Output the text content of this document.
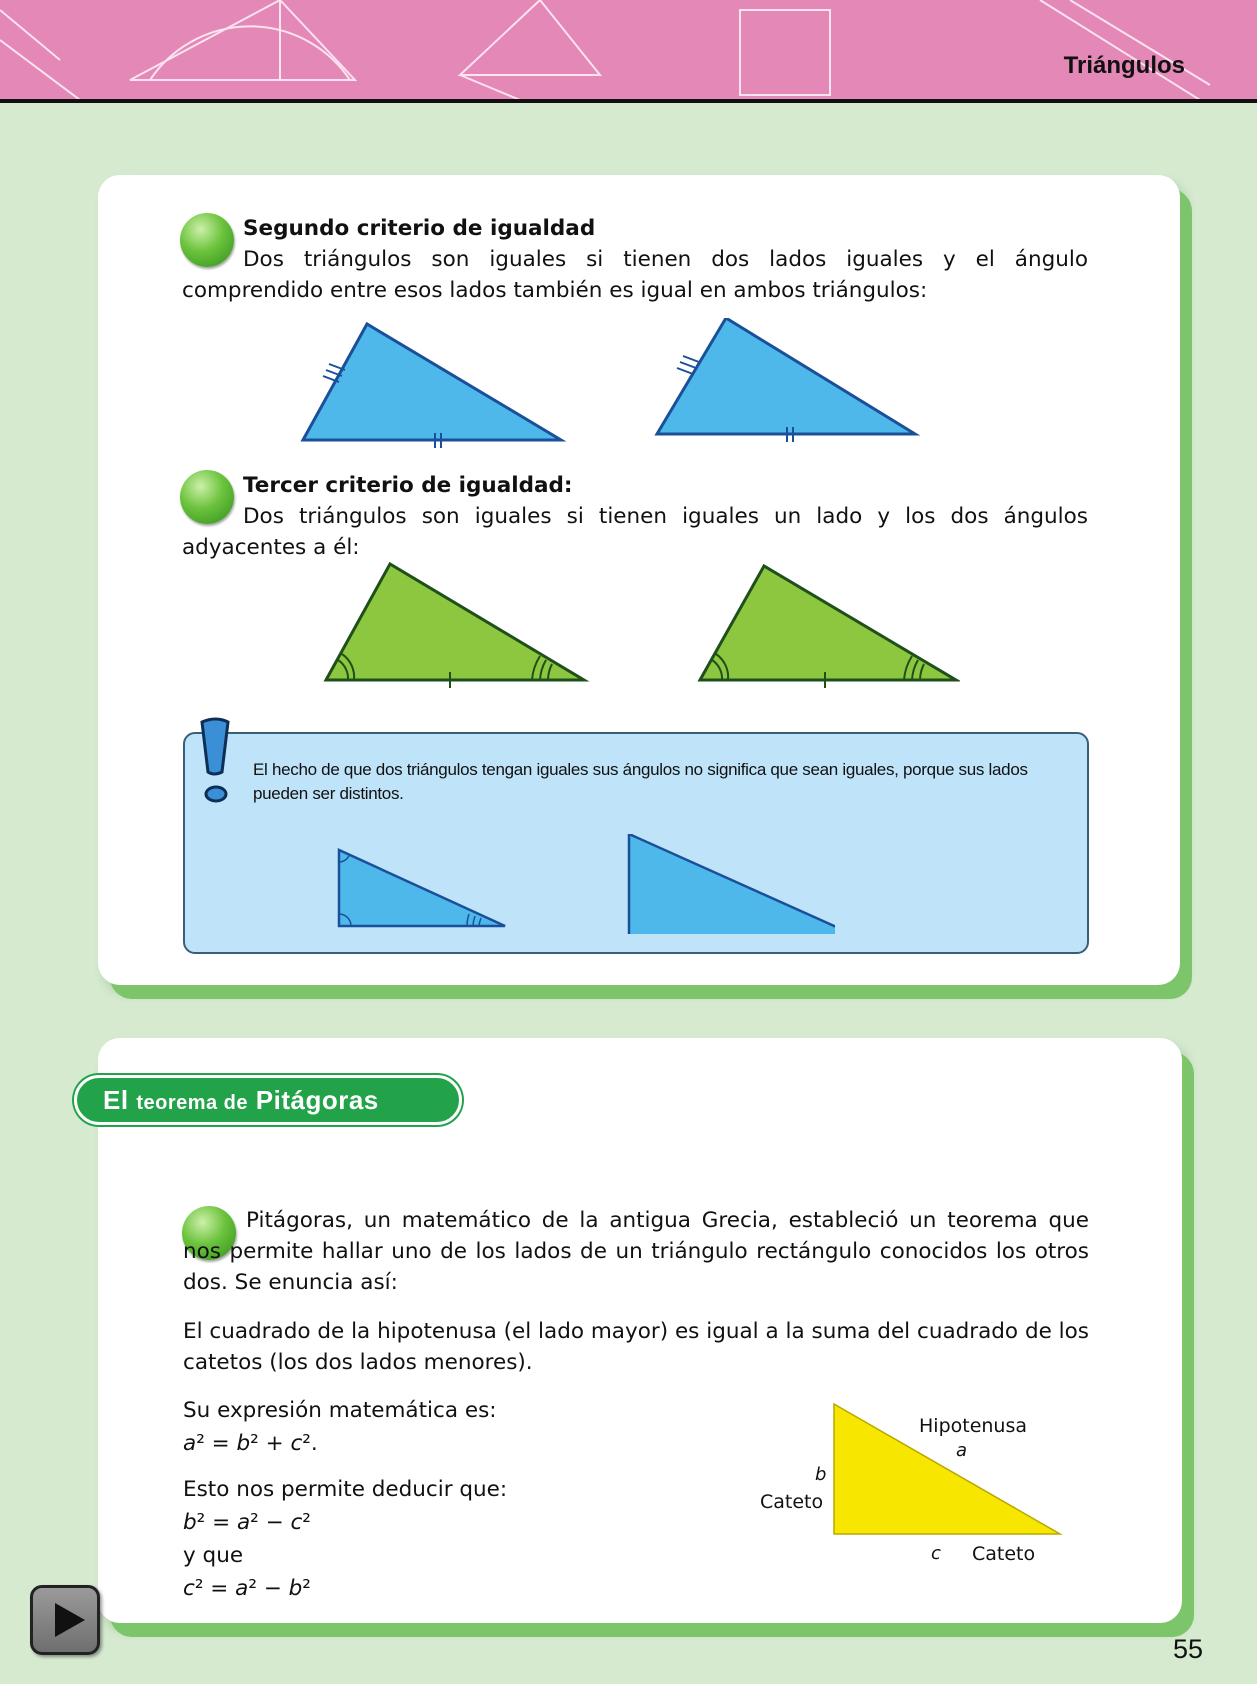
Triángulos
Segundo criterio de igualdad
Dos triángulos son iguales si tienen dos lados iguales y el ángulo comprendido entre esos lados también es igual en ambos triángulos:
Tercer criterio de igualdad:
Dos triángulos son iguales si tienen iguales un lado y los dos ángulos adyacentes a él:
El hecho de que dos triángulos tengan iguales sus ángulos no significa que sean iguales, porque sus lados pueden ser distintos.
El teorema de Pitágoras
Pitágoras, un matemático de la antigua Grecia, estableció un teorema que nos permite hallar uno de los lados de un triángulo rectángulo conocidos los otros dos. Se enuncia así:
El cuadrado de la hipotenusa (el lado mayor) es igual a la suma del cuadrado de los catetos (los dos lados menores).
Su expresión matemática es:
a² = b² + c².
Esto nos permite deducir que:
b² = a² − c²
y que
c² = a² − b²
Hipotenusa
a
b
Cateto
c Cateto
55
